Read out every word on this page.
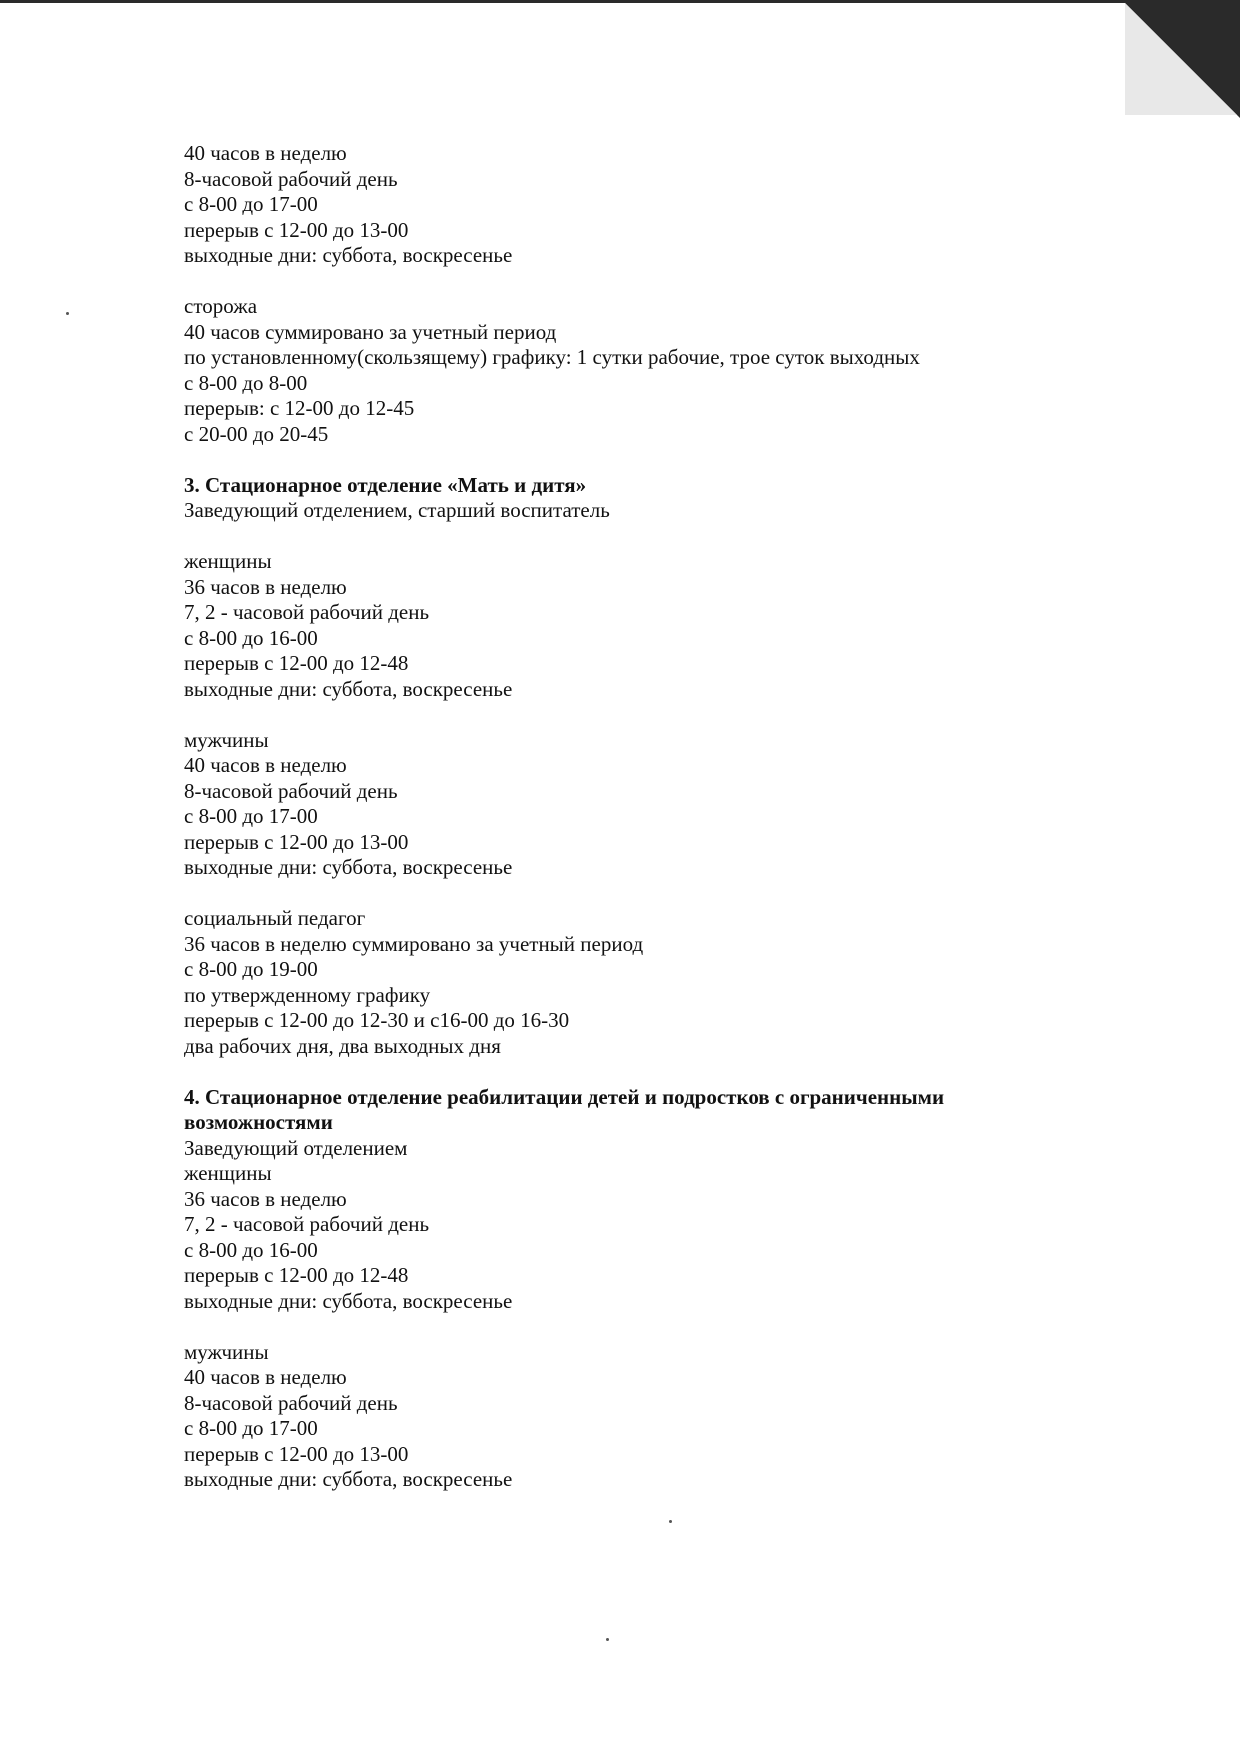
40 часов в неделю
8-часовой рабочий день
с 8-00 до 17-00
перерыв с 12-00 до 13-00
выходные дни: суббота, воскресенье
сторожа
40 часов суммировано за учетный период
по установленному(скользящему) графику: 1 сутки рабочие, трое суток выходных
с 8-00 до 8-00
перерыв: с 12-00 до 12-45
с 20-00 до 20-45
3. Стационарное отделение «Мать и дитя»
Заведующий отделением, старший воспитатель
женщины
36 часов в неделю
7, 2 - часовой рабочий день
с 8-00 до 16-00
перерыв с 12-00 до 12-48
выходные дни: суббота, воскресенье
мужчины
40 часов в неделю
8-часовой рабочий день
с 8-00 до 17-00
перерыв с 12-00 до 13-00
выходные дни: суббота, воскресенье
социальный педагог
36 часов в неделю суммировано за учетный период
с 8-00 до 19-00
по утвержденному графику
перерыв с 12-00 до 12-30 и с16-00 до 16-30
два рабочих дня, два выходных дня
4. Стационарное отделение реабилитации детей и подростков с ограниченными
возможностями
Заведующий отделением
женщины
36 часов в неделю
7, 2 - часовой рабочий день
с 8-00 до 16-00
перерыв с 12-00 до 12-48
выходные дни: суббота, воскресенье
мужчины
40 часов в неделю
8-часовой рабочий день
с 8-00 до 17-00
перерыв с 12-00 до 13-00
выходные дни: суббота, воскресенье
